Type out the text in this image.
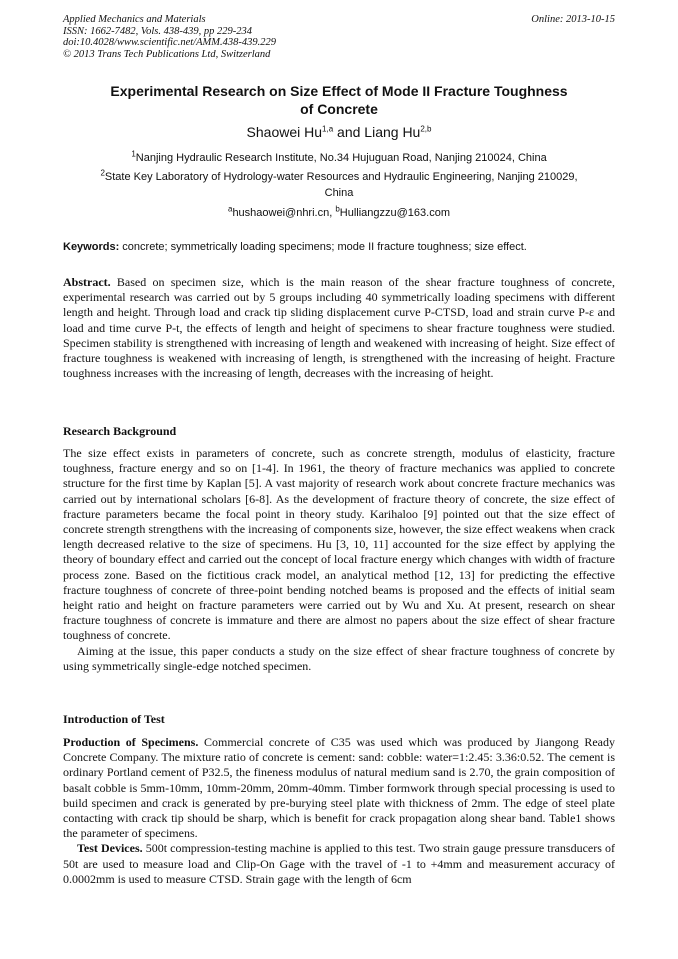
Applied Mechanics and Materials
ISSN: 1662-7482, Vols. 438-439, pp 229-234
doi:10.4028/www.scientific.net/AMM.438-439.229
© 2013 Trans Tech Publications Ltd, Switzerland
Online: 2013-10-15
Experimental Research on Size Effect of Mode II Fracture Toughness
of Concrete
Shaowei Hu$^{1,a}$ and Liang Hu$^{2,b}$
$^1$Nanjing Hydraulic Research Institute, No.34 Hujuguan Road, Nanjing 210024, China
$^2$State Key Laboratory of Hydrology-water Resources and Hydraulic Engineering, Nanjing 210029,
China
$^a$hushaowei@nhri.cn, $^b$Hulliangzzu@163.com
Keywords: concrete; symmetrically loading specimens; mode II fracture toughness; size effect.

Abstract. Based on specimen size, which is the main reason of the shear fracture toughness of concrete, experimental research was carried out by 5 groups including 40 symmetrically loading specimens with different length and height. Through load and crack tip sliding displacement curve P-CTSD, load and strain curve P-ε and load and time curve P-t, the effects of length and height of specimens to shear fracture toughness were studied. Specimen stability is strengthened with increasing of length and weakened with increasing of height. Size effect of fracture toughness is weakened with increasing of length, is strengthened with the increasing of height. Fracture toughness increases with the increasing of length, decreases with the increasing of height.

Research Background

The size effect exists in parameters of concrete, such as concrete strength, modulus of elasticity, fracture toughness, fracture energy and so on [1-4]. In 1961, the theory of fracture mechanics was applied to concrete structure for the first time by Kaplan [5]. A vast majority of research work about concrete fracture mechanics was carried out by international scholars [6-8]. As the development of fracture theory of concrete, the size effect of fracture parameters became the focal point in theory study. Karihaloo [9] pointed out that the size effect of concrete strength strengthens with the increasing of components size, however, the size effect weakens when crack length decreased relative to the size of specimens. Hu [3, 10, 11] accounted for the size effect by applying the theory of boundary effect and carried out the concept of local fracture energy which changes with width of fracture process zone. Based on the fictitious crack model, an analytical method [12, 13] for predicting the effective fracture toughness of concrete of three-point bending notched beams is proposed and the effects of initial seam height ratio and height on fracture parameters were carried out by Wu and Xu. At present, research on shear fracture toughness of concrete is immature and there are almost no papers about the size effect of shear fracture toughness of concrete.

Aiming at the issue, this paper conducts a study on the size effect of shear fracture toughness of concrete by using symmetrically single-edge notched specimen.

Introduction of Test

Production of Specimens. Commercial concrete of C35 was used which was produced by Jiangong Ready Concrete Company. The mixture ratio of concrete is cement: sand: cobble: water=1:2.45: 3.36:0.52. The cement is ordinary Portland cement of P32.5, the fineness modulus of natural medium sand is 2.70, the grain composition of basalt cobble is 5mm-10mm, 10mm-20mm, 20mm-40mm. Timber formwork through special processing is used to build specimen and crack is generated by pre-burying steel plate with thickness of 2mm. The edge of steel plate contacting with crack tip should be sharp, which is benefit for crack propagation along shear band. Table1 shows the parameter of specimens.

Test Devices. 500t compression-testing machine is applied to this test. Two strain gauge pressure transducers of 50t are used to measure load and Clip-On Gage with the travel of -1 to +4mm and measurement accuracy of 0.0002mm is used to measure CTSD. Strain gage with the length of 6cm
